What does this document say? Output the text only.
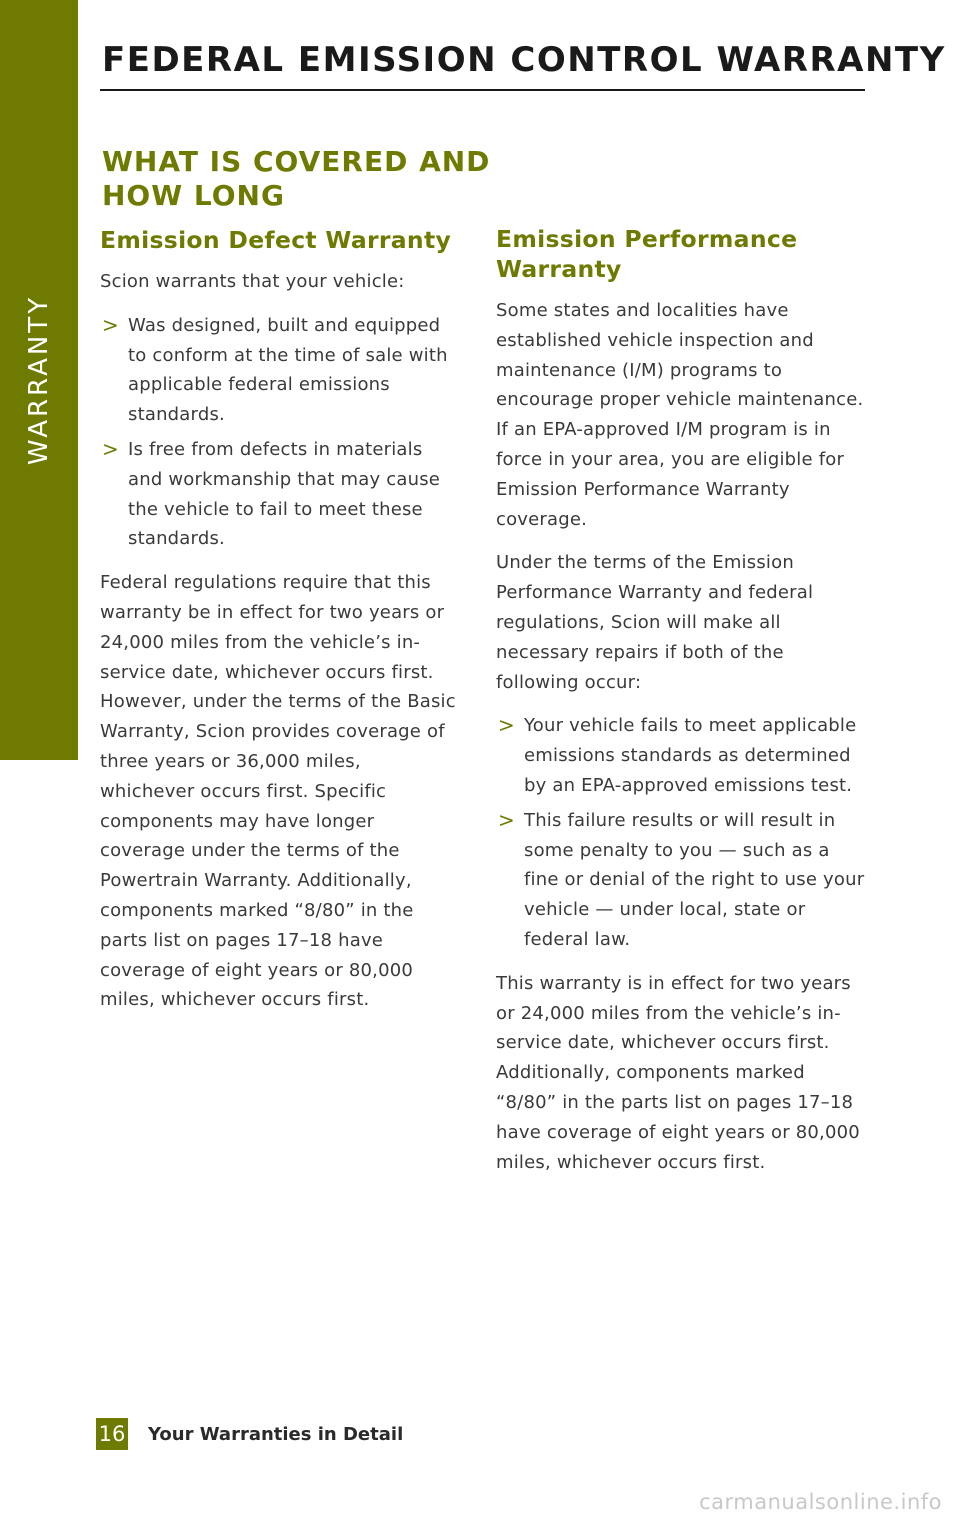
WARRANTY
FEDERAL EMISSION CONTROL WARRANTY
WHAT IS COVERED AND
HOW LONG
Emission Defect Warranty

Scion warrants that your vehicle:

> Was designed, built and equipped to conform at the time of sale with applicable federal emissions standards.
> Is free from defects in materials and workmanship that may cause the vehicle to fail to meet these standards.

Federal regulations require that this warranty be in effect for two years or 24,000 miles from the vehicle’s in-service date, whichever occurs first. However, under the terms of the Basic Warranty, Scion provides coverage of three years or 36,000 miles, whichever occurs first. Specific components may have longer coverage under the terms of the Powertrain Warranty. Additionally, components marked “8/80” in the parts list on pages 17–18 have coverage of eight years or 80,000 miles, whichever occurs first.

Emission Performance
Warranty

Some states and localities have established vehicle inspection and maintenance (I/M) programs to encourage proper vehicle maintenance. If an EPA-approved I/M program is in force in your area, you are eligible for Emission Performance Warranty coverage.

Under the terms of the Emission Performance Warranty and federal regulations, Scion will make all necessary repairs if both of the following occur:

> Your vehicle fails to meet applicable emissions standards as determined by an EPA-approved emissions test.
> This failure results or will result in some penalty to you — such as a fine or denial of the right to use your vehicle — under local, state or federal law.

This warranty is in effect for two years or 24,000 miles from the vehicle’s in-service date, whichever occurs first. Additionally, components marked “8/80” in the parts list on pages 17–18 have coverage of eight years or 80,000 miles, whichever occurs first.

16 Your Warranties in Detail
carmanualsonline.info
